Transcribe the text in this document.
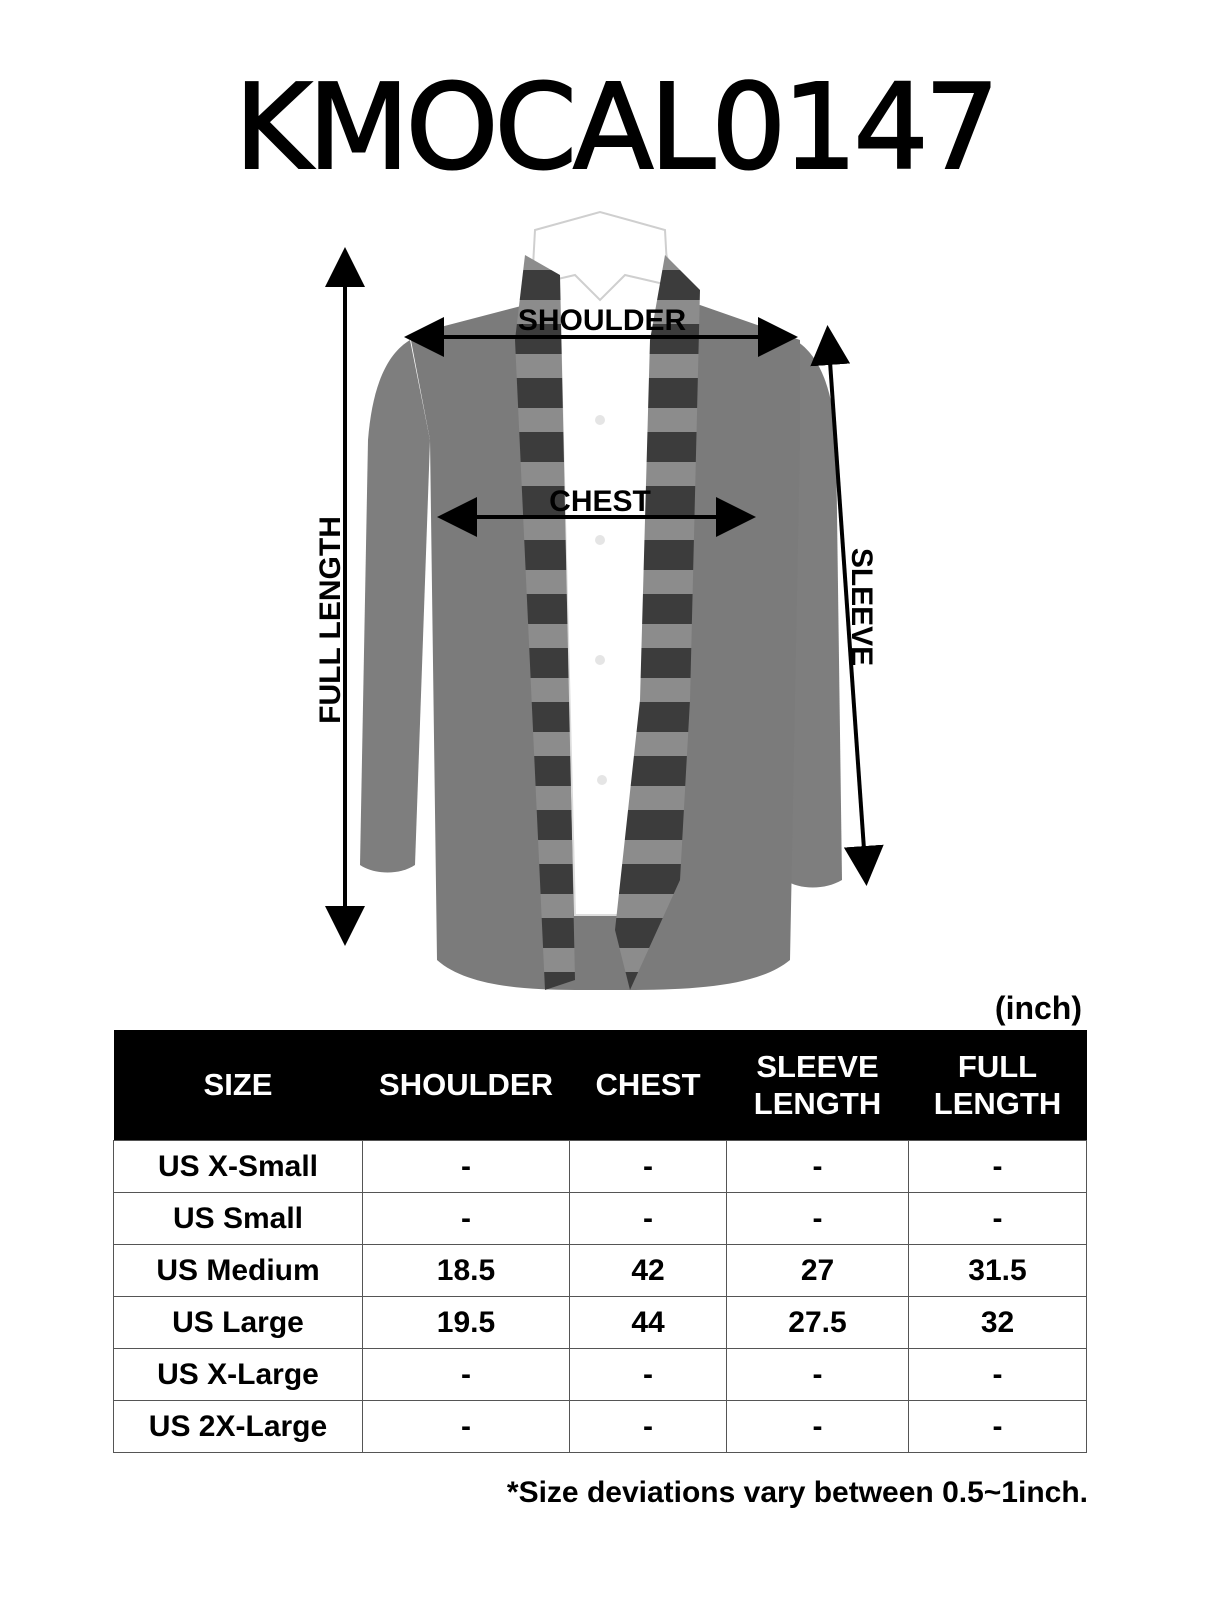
KMOCAL0147
SHOULDER
CHEST
FULL LENGTH	SLEEVE
(inch)
SIZE	SHOULDER	CHEST	SLEEVE LENGTH	FULL LENGTH
US X-Small	-	-	-	-
US Small	-	-	-	-
US Medium	18.5	42	27	31.5
US Large	19.5	44	27.5	32
US X-Large	-	-	-	-
US 2X-Large	-	-	-	-
*Size deviations vary between 0.5~1inch.
